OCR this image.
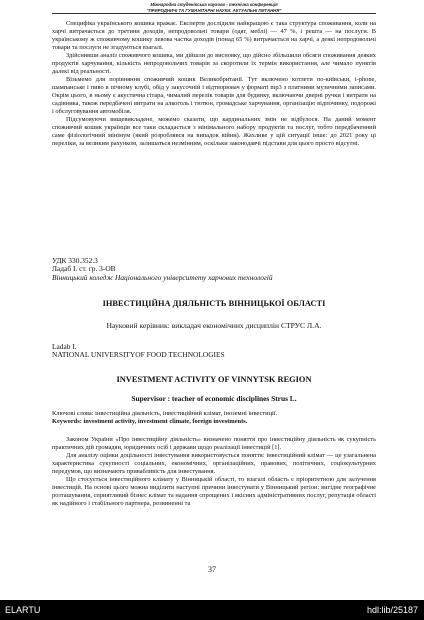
Міжнародна студентська науково - технічна конференція
"ПРИРОДНИЧІ ТА ГУМАНІТАРНІ НАУКИ. АКТУАЛЬНІ ПИТАННЯ"

Специфіка українського кошика вражає. Експерти дослідили найкращою є така структура споживання, коли на харчі витрачається до третини доходів, непродовольчі товари (одяг, меблі) — 47 %, і решта — на послуги. В українському ж споживчому кошику левова частка доходів (понад 65 %) витрачається на харчі, а деякі непродовольчі товари та послуги не згадуються взагалі.

Здійснивши аналіз споживчого кошика, ми дійшли до висновку, що дійсно збільшили обсяги споживання деяких продуктів харчування, кількість непродовольчих товарів за скоротили їх термін використання, але чимало пунктів далекі від реальності.

Візьмемо для порівняння споживчий кошик Великобританії. Тут включено котлети по-київськи, i-phone, шампанське і пиво в пічному клубі, обід у закусочній і відтворювач у форматі mp3 з платними музичними записами. Окрім цього, в ньому є акустична гітара, чималий перелік товарів для будинку, включаючи дверні ручки і витрати на садівника, також передбачені витрати на алкоголь і тютюн, громадське харчування, організацію відпочинку, подорожі і обслуговування автомобіля.

Підсумовуючи вищевикладене, можемо сказати, що кардинальних змін не відбулося. На даний момент споживчий кошик українців все таки складається з мінімального набору продуктів та послуг, тобто передбаченний саме фізіологічний мінімум (який розроблявся на випадок війни). Жахливе у цій ситуації інше: до 2021 року ці переліки, за великим рахунком, залишаться незмінним, оскільки законодавчі підстави для цього просто відсутні.

УДК 330.352.3

Ладаб І. ст. гр. 3-ОВ

Вінницький коледж Національного університету харчових технологій

ІНВЕСТИЦІЙНА ДІЯЛЬНІСТЬ ВІННИЦЬКОЇ ОБЛАСТІ

Науковий керівник: викладач економічних дисциплін СТРУС Л.А.

Ladab I.

NATIONAL UNIVERSITYOF FOOD TECHNOLOGIES

INVESTMENT ACTIVITY OF VINNYTSK REGION

Supervisor : teacher of economic disciplines Strus L.

Ключові слова: інвестиційна діяльність, інвестиційний клімат, іноземні інвестиції.

Keywords: investment activity, investment climate, foreign investments.

Законом України «Про інвестиційну діяльність» визначено поняття про інвестиційну діяльність як сукупність практичних дій громадян, юридичних осіб і держави щодо реалізації інвестицій [1].

Для аналізу оцінки доцільності інвестування використовується поняття: інвестиційний клімат — це узагальнена характеристика сукупності соціальних, економічних, організаційних, правових, політичних, соціокультурних передумов, що визначають привабливість для інвестування.

Що стосується інвестиційного клімату у Вінницькій області, то взагалі область є пріоритетною для залучення інвестицій. На основі цього можна виділити наступні причини інвестувати у Вінницький регіон: вигідне географічне розташування, сприятливий бізнес клімат та надання спрощених і якісних адміністративних послуг, репутація області як надійного і стабільного партнера, розвиненні та

37
ELARTU	hdl:lib/25187
